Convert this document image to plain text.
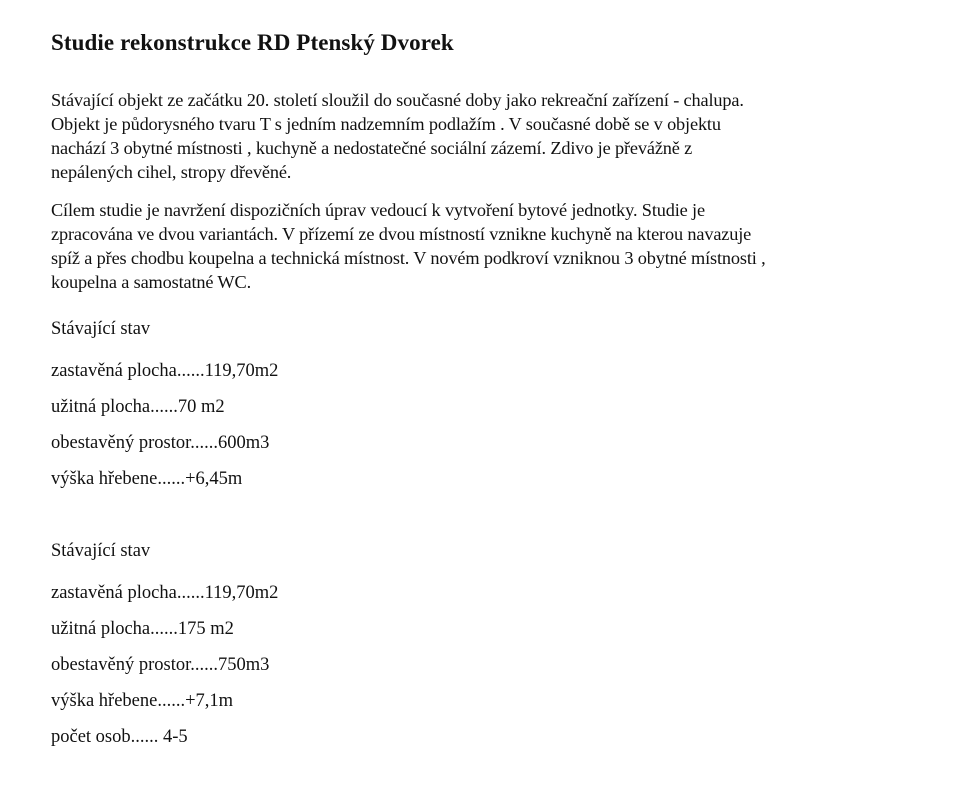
Studie rekonstrukce RD Ptenský Dvorek
Stávající objekt ze začátku 20. století sloužil do současné doby jako rekreační zařízení - chalupa.
Objekt je půdorysného tvaru T s jedním nadzemním podlažím . V současné době se v objektu
nachází 3 obytné místnosti , kuchyně a nedostatečné sociální zázemí. Zdivo je převážně z
nepálených cihel, stropy dřevěné.
Cílem studie je navržení dispozičních úprav vedoucí k vytvoření bytové jednotky. Studie je
zpracována ve dvou variantách. V přízemí ze dvou místností vznikne kuchyně na kterou navazuje
spíž a přes chodbu koupelna a technická místnost. V novém podkroví vzniknou 3 obytné místnosti ,
koupelna a samostatné WC.
Stávající stav
zastavěná plocha......119,70m2
užitná plocha......70 m2
obestavěný prostor......600m3
výška hřebene......+6,45m
Stávající stav
zastavěná plocha......119,70m2
užitná plocha......175 m2
obestavěný prostor......750m3
výška hřebene......+7,1m
počet osob...... 4-5
